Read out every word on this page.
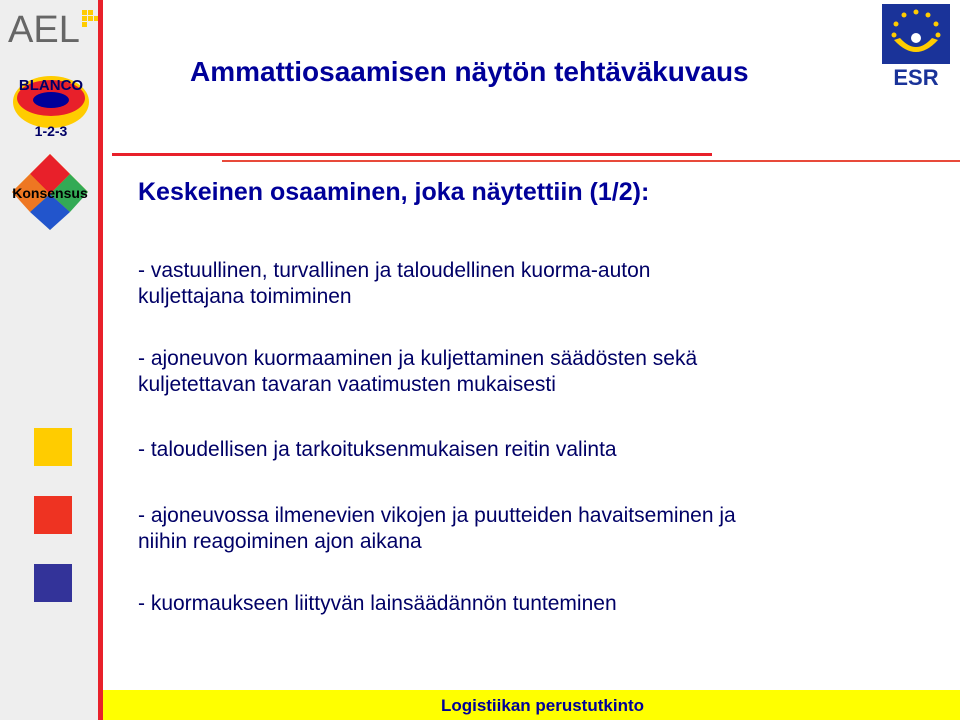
AEL
BLANCO
1-2-3
Konsensus
ESR
Ammattiosaamisen näytön tehtäväkuvaus
Keskeinen osaaminen, joka näytettiin (1/2):
- vastuullinen, turvallinen ja taloudellinen kuorma-auton
kuljettajana toimiminen
- ajoneuvon kuormaaminen ja kuljettaminen säädösten sekä
kuljetettavan tavaran vaatimusten mukaisesti
- taloudellisen ja tarkoituksenmukaisen reitin valinta
- ajoneuvossa ilmenevien vikojen ja puutteiden havaitseminen ja
niihin reagoiminen ajon aikana
- kuormaukseen liittyvän lainsäädännön tunteminen
Logistiikan perustutkinto
